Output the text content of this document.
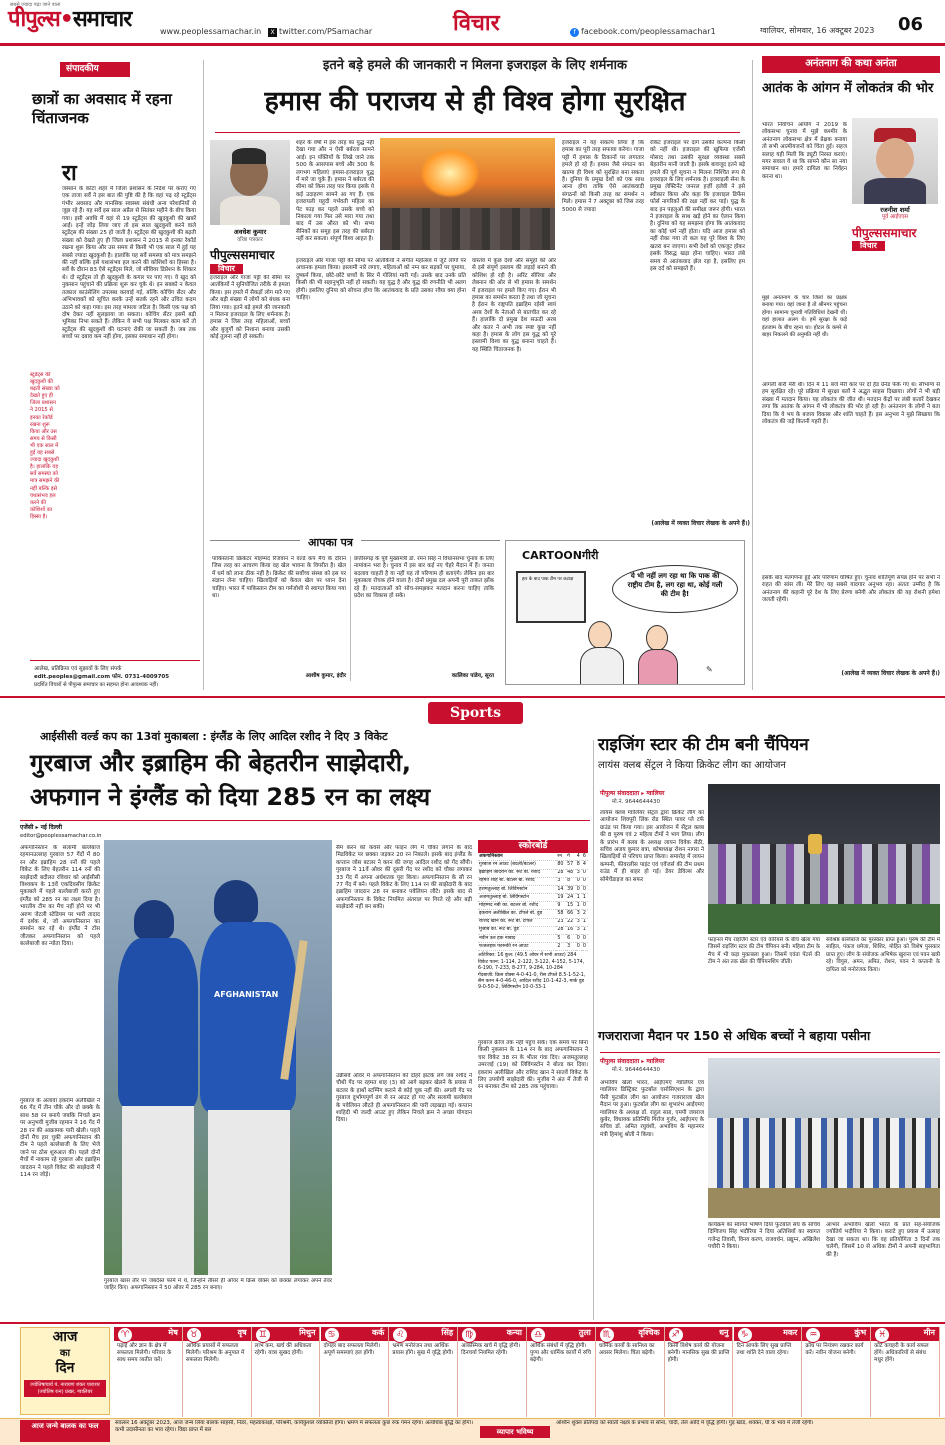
सबसे ज्यादा पढ़ा जाने वाला
पीपुल्स•समाचार	www.peoplessamachar.in	X twitter.com/PSamachar	विचार	f facebook.com/peoplessamachar1	ग्वालियर, सोमवार, 16 अक्टूबर 2023 06
संपादकीय
छात्रों का अवसाद में रहना चिंताजनक
रा
जस्थान के कोटा शहर में जिला प्रशासन के निर्देश पर कराए गए एक ताजा सर्वे ने इस बात की पुष्टि की है कि वहां पढ़ रहे स्टूडेंट्स गंभीर अवसाद और मानसिक स्वास्थ्य संबंधी अन्य परेशानियों से जूझ रहे हैं। यह सर्वे इस साल अप्रैल से सितंबर महीने के बीच किया गया। इसी अवधि में वहां से 19 स्टूडेंट्स की खुदकुशी की खबरें आईं। इन्हें जोड़ लिया जाए तो इस साल खुदकुशी करने वाले स्टूडेंट्स की संख्या 25 हो जाती है। स्टूडेंट्स की खुदकुशी की बढ़ती संख्या को देखते हुए ही जिला प्रशासन ने 2015 से इनका रेकॉर्ड रखना शुरू किया और उस समय से किसी भी एक साल में हुई यह सबसे ज्यादा खुदकुशी है। हालांकि यह सर्वे समस्या को मात्र समझने की नहीं बल्कि इसे यथासंभव हल करने की कोशिशों का हिस्सा है। सर्वे के दौरान 83 ऐसे स्टूडेंट्स मिले, जो सीवियर डिप्रेशन के शिकार थे। दो स्टूडेंट्स तो ही खुदकुशी के कगार पर पाए गए। ये खुद को नुकसान पहुंचाने की प्रक्रिया शुरू कर चुके थे। इन सबको न केवल तत्काल काउंसेलिंग उपलब्ध करवाई गई, बल्कि कोचिंग सेंटर और अभिभावकों को सूचित करके उन्हें सतर्क रहने और उचित कदम उठाने को कहा गया। इस तरह मामला जटिल है। किसी एक पक्ष को दोष देकर नहीं सुलझाया जा सकता। कोचिंग सेंटर इसमें बड़ी भूमिका निभा सकते हैं। लेकिन ये सभी पक्ष मिलकर काम करें तो स्टूडेंट्स की खुदकुशी की घटनाएं रोकी जा सकती हैं। जब तक बच्चों पर दबाव कम नहीं होगा, इसका समाधान नहीं होगा।
स्टूडेंट्स की खुदकुशी की बढ़ती संख्या को देखते हुए ही जिला प्रशासन ने 2015 से इनका रेकॉर्ड रखना शुरू किया और उस समय से किसी भी एक साल में हुई यह सबसे ज्यादा खुदकुशी है। हालांकि यह सर्वे समस्या को मात्र समझने की नहीं बल्कि इसे यथासंभव हल करने की कोशिशों का हिस्सा है।
आलेख, प्रतिक्रिया एवं सुझावों के लिए संपर्क
edit.peoples@gmail.com फोन. 0731-4009705
प्रदर्शित विचारों से पीपुल्स समाचार का सहमत होना आवश्यक नहीं।
इतने बड़े हमले की जानकारी न मिलना इजराइल के लिए शर्मनाक
हमास की पराजय से ही विश्व होगा सुरक्षित
अवधेश कुमार
वरिष्ठ पत्रकार
पीपुल्ससमाचार
विचार
इजराइल और गाजा पट्टी की सीमा पर आतंकियों ने सुनियोजित तरीके से हमला किया। इस हमले में सैकड़ों लोग मारे गए और बड़ी संख्या में लोगों को बंधक बना लिया गया। इतने बड़े हमले की जानकारी न मिलना इजराइल के लिए शर्मनाक है। हमास ने जिस तरह महिलाओं, बच्चों और बुजुर्गों को निशाना बनाया उसकी कोई तुलना नहीं हो सकती।
शहर के वर्षों में इस तरह का युद्ध नहीं देखा गया और न ऐसी बर्बरता सामने आई। इन पंक्तियों के लिखे जाने तक 500 के आसपास बच्चे और 300 के लगभग महिलाएं हमास-इजराइल युद्ध में मारे जा चुके हैं। हमास ने बर्बरता की सीमा को किस तरह पार किया इसके ये कई उदाहरण सामने आ गए हैं। एक इजरायली यहूदी गर्भवती महिला का पेट फाड़ कर पहले उसके बच्चे को निकाला गया फिर उसे मारा गया तथा बाद में उस औरत को भी। सभ्य सैनिकों का समूह इस तरह की बर्बरता नहीं कर सकता। संपूर्ण विश्व आहत है।
इजराइल और गाजा पट्टी की सीमा पर आतंकियों ने संगीत महोत्सव में जुटे लोगों पर अचानक हमला किया। इस्लामी नारे लगाए, महिलाओं को नग्न कर सड़कों पर घुमाया, दुष्कर्म किया, छोटे-छोटे बच्चों के सिर में गोलियां मारी गईं। उसके बाद उनके प्रति किसी की भी सहानुभूति नहीं हो सकती। यह युद्ध है और युद्ध की रणनीति भी अलग होगी। इसलिए दुनिया को सोचना होगा कि आतंकवाद के प्रति उसका रवैया क्या होना चाहिए।
वास्तव में कुछ देशों और समूहों को ओर से इसे संपूर्ण इस्लाम की लड़ाई बनाने की कोशिश हो रही है। अरिंट सीरिया और लेबनान की ओर से भी हमास के समर्थन में इजराइल पर हमले किए गए। ईरान भी हमास का समर्थन करता है तथा जो सूचना है ईरान के राष्ट्रपति इब्राहिम रईसी स्वयं अरब देशों के नेताओं से बातचीत कर रहे हैं। हालांकि दो प्रमुख देश सऊदी अरब और कतर ने अभी तक स्पष्ट कुछ नहीं कहा है। हमास के लोग इस युद्ध को पूरे इस्लामी विश्व का युद्ध बनाना चाहते हैं। यह स्थिति चिंताजनक है।
इजराइल ने यह संकल्प लिया है कि हमास का पूरी तरह सफाया करेगा। गाजा पट्टी में हमास के ठिकानों पर लगातार हमले हो रहे हैं। हमास जैसे संगठन का खात्मा ही विश्व को सुरक्षित बना सकता है। दुनिया के प्रमुख देशों को एक साथ आना होगा ताकि ऐसे आतंकवादी संगठनों को किसी तरह का समर्थन न मिले। हमास ने 7 अक्टूबर को जिस तरह 5000 से ज्यादा
रॉकेट इजराइल पर दागे उसकी कल्पना किसी को नहीं थी। इजराइल की खुफिया एजेंसी मोसाद तथा उसकी सुरक्षा व्यवस्था सबसे बेहतरीन मानी जाती है। इसके बावजूद इतने बड़े हमले की पूर्व सूचना न मिलना निश्चित रूप से इजराइल के लिए शर्मनाक है। इजराइली सेना के प्रमुख लेफ्टिनेंट जनरल हर्ज़ी हलेवी ने इसे स्वीकार किया और कहा कि इजराइल डिफेंस फोर्स नागरिकों की रक्षा नहीं कर पाई। युद्ध के बाद इन पहलुओं की समीक्षा जरूर होगी। भारत ने इजराइल के साथ खड़े होने का ऐलान किया है। दुनिया को यह समझना होगा कि आतंकवाद का कोई धर्म नहीं होता। यदि आज हमास को नहीं रोका गया तो कल यह पूरे विश्व के लिए खतरा बन जाएगा। सभी देशों को एकजुट होकर इसके विरुद्ध खड़ा होना चाहिए। भारत लंबे समय से आतंकवाद झेल रहा है, इसलिए हम इस दर्द को समझते हैं।
(आलेख में व्यक्त विचार लेखक के अपने हैं।)
आपका पत्र
पाकिस्तानी क्रिकेटर मोहम्मद रिजवान ने वर्ल्ड कप मैच के दौरान जिस तरह का आचरण किया वह खेल भावना के विपरीत है। खेल में धर्म को लाना ठीक नहीं है। क्रिकेट की सर्वोच्च संस्था को इस पर संज्ञान लेना चाहिए। खिलाड़ियों को केवल खेल पर ध्यान देना चाहिए। भारत में पाकिस्तान टीम का गर्मजोशी से स्वागत किया गया था।
आशीष कुमार, इंदौर
छत्तीसगढ़ के पूर्व मुख्यमंत्री डॉ. रमन सिंह ने विधानसभा चुनाव के लिए नामांकन भरा है। चुनाव में इस बार कई नए चेहरे मैदान में हैं। जनता बदलाव चाहती है या नहीं यह तो परिणाम ही बताएंगे। लेकिन इस बार मुकाबला रोचक होने वाला है। दोनों प्रमुख दल अपनी पूरी ताकत झोंक रहे हैं। मतदाताओं को सोच-समझकर मतदान करना चाहिए ताकि प्रदेश का विकास हो सके।
कालिका पांडेय, सूरत
CARTOONगीरी
हार के बाद पाक टीम पर कटाक्ष	ये भी नहीं लग रहा था कि पाक की राष्ट्रीय टीम है, लग रहा था, कोई गली की टीम है!
✎
अनंतनाग की कथा अनंता
आतंक के आंगन में लोकतंत्र की भोर
भारत निर्वाचन आयोग ने 2019 के लोकसभा चुनाव में मुझे कश्मीर के अनंतनाग लोकसभा क्षेत्र में प्रेक्षक बनाया तो सभी आत्मीयजनों को चिंता हुई। सहज सलाह यही मिली कि ड्यूटी निरस्त कराएं। मगर सवाल ये था कि सामने कौन सा नया समाधान था। हमारे दायित्व का निर्वहन करना था।
रजनीश शर्मा
पूर्व आईएएस
मुझे अनंतनाग के चार जिलों का प्रेक्षक बनाया गया। वहां जाना है तो श्रीनगर पहुंचना होगा। सामान्य चुनावी गतिविधियां देखनी थीं। वहां हालात अलग थे। हमें सुरक्षा के कड़े इंतजाम के बीच रहना था। होटल के कमरे से बाहर निकलने की अनुमति नहीं थी।
पीपुल्ससमाचार
विचार
आगली बारी मेरी थी। दिन में 11 बजे मेरी कार पर दो हैंड ग्रेनेड फेंके गए थे। सौभाग्य से हम सुरक्षित रहे। पूरे प्रक्रिया में सुरक्षा बलों ने अद्भुत साहस दिखाया। लोगों ने भी बड़ी संख्या में मतदान किया। यह लोकतंत्र की जीत थी। मतदान केंद्रों पर लंबी कतारें देखकर लगा कि आतंक के आंगन में भी लोकतंत्र की भोर हो रही है। अनंतनाग के लोगों ने बता दिया कि वे भय के बजाय विकास और शांति चाहते हैं। इस अनुभव ने मुझे सिखाया कि लोकतंत्र की जड़ें कितनी गहरी हैं।
इसके बाद मतगणना हुई और परिणाम घोषित हुए। चुनाव शांतिपूर्ण संपन्न होने पर सभी ने राहत की सांस ली। मेरे लिए यह सबसे यादगार अनुभव रहा। अंततः उम्मीद है कि अनंतनाग की कहानी पूरे देश के लिए प्रेरणा बनेगी और लोकतंत्र की यह रोशनी हमेशा जलती रहेगी।
(आलेख में व्यक्त विचार लेखक के अपने हैं।)
Sports
आईसीसी वर्ल्ड कप का 13वां मुकाबला : इंग्लैंड के लिए आदिल रशीद ने दिए 3 विकेट
गुरबाज और इब्राहिम की बेहतरीन साझेदारी,
अफगान ने इंग्लैंड को दिया 285 रन का लक्ष्य
एजेंसी ▸ नई दिल्ली
editor@peoplessamachar.co.in
अफगानिस्तान के सलामी बल्लेबाज रहमानउल्लाह गुरबाज 57 गेंदों में 80 रन और इब्राहिम 28 रनों की पहले विकेट के लिए बेहतरीन 114 रनों की साझेदारी बदौलत रविवार को आईसीसी विश्वकप के 13वें एकदिवसीय क्रिकेट मुकाबले में पहले बल्लेबाजी करते हुए इंग्लैंड को 285 रन का लक्ष्य दिया है। भारतीय टीम का मैच नहीं होने पर भी अरुण जेटली स्टेडियम पर भारी तादाद में दर्शक थे, जो अफगानिस्तान का समर्थन कर रहे थे। इंग्लैंड ने टॉस जीतकर अफगानिस्तान को पहले बल्लेबाजी का न्योता दिया।
गुरबाज के अलावा इकराम अलीखिल ने 66 गेंद में तीन चौके और दो छक्के के साथ 58 रन बनाये जबकि निचले क्रम पर अनुभवी मुजीब रहमान ने 16 गेंद में 28 रन की आक्रामक पारी खेली। पहले दोनों मैच हार चुकी अफगानिस्तान की टीम ने पहले बल्लेबाजी के लिए भेजे जाने पर ठोस शुरुआत की। पहले दोनों मैचों में नाकाम रहे गुरबाज और इब्राहिम जादरान ने पहले विकेट की साझेदारी में 114 रन जोड़े।
AFGHANISTAN
गुरबाज खास तौर पर जबर्दस्त फॉर्म में थे, जिन्होंने तीसरे ही ओवर में क्रिस वोक्स को छक्का लगाकर अपने तेवर जाहिर किए। अफगानिस्तान ने 50 ओवर में 285 रन बनाए।
सैम करन को कवर्स और फाइन लेग में चौका लगाने के बाद मिडविकेट पर छक्का जड़कर 20 रन निकाले। इसके बाद इंग्लैंड के कप्तान जोस बटलर ने करन की जगह आदिल रशीद को गेंद सौंपी। गुरबाज ने 11वें ओवर की दूसरी गेंद पर रशीद को चौका लगाकर 33 गेंद में अपना अर्धशतक पूरा किया। अफगानिस्तान के सौ रन 77 गेंद में बने। पहले विकेट के लिए 114 रन की साझेदारी के बाद इब्राहिम जादरान 28 रन बनाकर पवेलियन लौटे। इसके बाद से अफगानिस्तान के विकेट नियमित अंतराल पर गिरते रहे और बड़ी साझेदारी नहीं बन सकी।
उन्नीसवें ओवर में अफगानिस्तान को दोहरे झटके लगे जब रशीद ने चौथी गेंद पर रहमत शाह (3) को आगे बढ़कर खेलने के प्रयास में बटलर के हाथों स्टम्पिंग कराने से कोई चूक नहीं की। अगली गेंद पर गुरबाज दुर्भाग्यपूर्ण ढंग से रन आउट हो गए और सलामी बल्लेबाज के पवेलियन लौटते ही अफगानिस्तान की पारी लड़खड़ा गई। कप्तान शाहिदी भी जल्दी आउट हुए लेकिन निचले क्रम ने अच्छा योगदान दिया।
स्कोरबोर्ड
अफगानिस्तान	रन	गें	4	6
गुरबाज रन आउट (बदली/बटलर)	80	57	8	4
इब्राहिम जादरान का. रूट बो. रशीद	28	48	3	0
रहमत शाह स्टं. बटलर बो. रशीद	3	8	0	0
हशमतुल्लाह बो. लिविंगस्टोन	14	39	0	0
अजमतुल्लाह बो. लिविंगस्टोन	19	24	1	1
मोहम्मद नबी का. बटलर बो. रशीद	9	15	1	0
इकराम अलीखिल का. टॉपले बो. वुड	58	66	3	2
राशिद खान का. रूट बो. टॉपले	23	22	3	1
मुजीब का. रूट बो. वुड	28	16	3	1
नवीन उल हक नाबाद	5	6	0	0
फजलहक फारूकी रन आउट	2	3	0	0
अतिरिक्त: 16 कुल: (49.5 ओवर में सभी आउट) 284
विकेट पतन: 1-114, 2-122, 3-122, 4-152, 5-174, 6-190, 7-233, 8-277, 9-284, 10-284
गेंदबाजी: क्रिस वोक्स 4-0-41-0, रीस टॉपले 8.5-1-52-1, सैम करन 4-0-46-0, आदिल रशीद 10-1-42-3, मार्क वुड 9-0-50-2, लिविंगस्टोन 10-0-33-1
गुरबाज क्रीज तक नहीं पहुंच सके। एक समय पर बिना किसी नुकसान के 114 रन के बाद अफगानिस्तान ने चार विकेट 38 रन के भीतर गंवा दिए। अजमतुल्लाह उमरजई (19) को लिविंगस्टोन ने बोल्ड कर दिया। इकराम अलीखिल और राशिद खान ने सातवें विकेट के लिए उपयोगी साझेदारी की। मुजीब ने अंत में तेजी से रन बनाकर टीम को 285 तक पहुंचाया।
राइजिंग स्टार की टीम बनी चैंपियन
लायंस क्लब सेंट्रल ने किया क्रिकेट लीग का आयोजन
पीपुल्स संवाददाता ▸ ग्वालियर
मो.नं. 9644644430
लायंस क्लब ग्वालियर सेंट्रल द्वारा क्रिकेट लीग का आयोजन शिवपुरी लिंक रोड स्थित पावर प्ले टर्फ ग्राउंड पर किया गया। इस आयोजन में सेंट्रल क्लब की 8 पुरुष एवं 2 महिला टीमों ने भाग लिया। लीग के प्रारंभ में क्लब के अध्यक्ष लायन विवेक सेठी, सचिव अजय कुमार बत्रा, कोषाध्यक्ष रोशन नागरा ने खिलाड़ियों से परिचय प्राप्त किया। समारोह में लायन कम्पनी, फीवरलीस पाइंट एवं एवेंजर्स की टीम प्रथम राउंड में ही बाहर हो गई। डेयर डेविल्स और सोमेचेंडाइज का सफर
फाइनल मैच राइजिंग स्टार एवं वारियर्स के बीच खेला गया जिसमें राइजिंग स्टार की टीम चैंपियन बनी। महिला टीम के मैच में भी कड़ा मुकाबला हुआ। जिसमें एवंता पेंटर्स की टीम ने अंत तक खेल की चैंपियनशिप जीती।
सर्वश्रेष्ठ बल्लेबाज का पुरस्कार प्राप्त हुआ। पुरुष की टीम में साहिल, पंकज धमेजा, शिशिर, मोहित को विशेष पुरस्कार प्राप्त हुए। लीग के संयोजक अभिषेक खुराना एवं पवन खत्री रहे। विपुल, अमन, अमित, रोशन, पवन ने कप्तानी के दायित्व को मनोरंजक किया।
गजराराजा मैदान पर 150 से अधिक बच्चों ने बहाया पसीना
पीपुल्स संवाददाता ▸ ग्वालियर
मो.नं. 9644644430
अभाविप खेलो भारत, आईएमए ग्वालियर एवं ग्वालियर डिस्ट्रिक्ट फुटबॉल एसोसिएशन के द्वारा पेंसी फुटबॉल लीग का आयोजन गजराराजा खेल मैदान पर हुआ। फुटबॉल लीग का शुभारंभ आईएमए ग्वालियर के अध्यक्ष डॉ. राहुल सप्रा, एमपी जयराज कुबेर, विधायक प्रतिनिधि गिर्राज गुर्जर, आईएमए के सचिव डॉ. अमित रघुवंशी, अभाविप के महानगर मंत्री हिमांशु श्रोती ने किया।
कार्यक्रम का स्वागत भाषण दिया फुटबॉल संघ के सचिव दिग्विजय सिंह भदौरिया ने दिया अतिथियों का स्वागत गजेन्द्र तिवारी, विनय करण, राजवर्धन, प्रद्युम्न, अखिलेश पचौरी ने किया।
आभार अभाविप खेलो भारत के प्रांत सह-संयोजक ज्योतिर्य भदौरिया ने किया। कराटे हुए प्रयास में उत्साह देखा जा सकता था। कि वह प्रतियोगिता 3 दिनों तक चलेगी, जिसमें 10 से अधिक टीमों ने अपनी सहभागिता की है।
आज
का
दिन
ज्योतिषाचार्य पं. नारायण शंकर पाराशर (ज्योतिष रत्न) प्रखर, ग्वालियर
मेष
♈
पढ़ाई और ज्ञान के क्षेत्र में सफलता मिलेगी। परिवार के साथ समय व्यतीत करें।
वृष
♉
आर्थिक प्रयासों में सफलता मिलेगी। परिश्रम के अनुपात में सफलता मिलेगी।
मिथुन
♊
लाभ कम, खर्च की अधिकता रहेगी। यात्रा सुखद होगी।
कर्क
♋
दोपहर बाद सफलता मिलेगी। अपूर्ण समस्याएं हल होंगी।
सिंह
♌
भ्रमण मनोरंजन तथा आर्थिक प्रयास होंगे। सुख में वृद्धि होगी।
कन्या
♍
आकस्मिक खर्च में वृद्धि होगी। दिनचर्या नियमित रहेगी।
तुला
♎
आर्थिक संबंधों में वृद्धि होगी। पुण्य और धार्मिक कार्यों में रुचि बढ़ेगी।
वृश्चिक
♏
धार्मिक कार्यों के सानिध्य का अवसर मिलेगा। चिंता बढ़ेगी।
धनु
♐
किसी विशेष कार्य की योजना बनेगी। मानसिक सुख की प्राप्ति होगी।
मकर
♑
दिन आपके लिए सुख प्राप्ति तथा शांति देने वाला रहेगा।
कुंभ
♒
क्रोध पर नियंत्रण रखकर कार्य करें। नवीन योजना बनेगी।
मीन
♓
कोर्ट कचहरी के कार्य सफल होंगे। अधिकारियों से संबंध मधुर होंगे।
आज जन्मे बालक का फल	संवत्सर 16 अक्टूबर 2023, आज जन्म लिया बालक साहसी, निडर, महत्वाकांक्षी, परिश्रमी, कार्यकुशल व्यक्तित्व होगा। भ्रमण में सफलता कुछ रुक गमन रहेगा। अत्यधिक बुद्धि का होगा। कभी उदासीनता का भाव रहेगा। विद्या प्राप्त में बल	व्यापार भविष्य
अश्विन शुक्ल प्रतिपदा को स्वाती नक्षत्र के प्रभाव से सोना, चांदी, तेल आदि में वृद्धि होगी। गुड़ खांड, शक्कर, घी के भाव में तेजी रहेगी।
